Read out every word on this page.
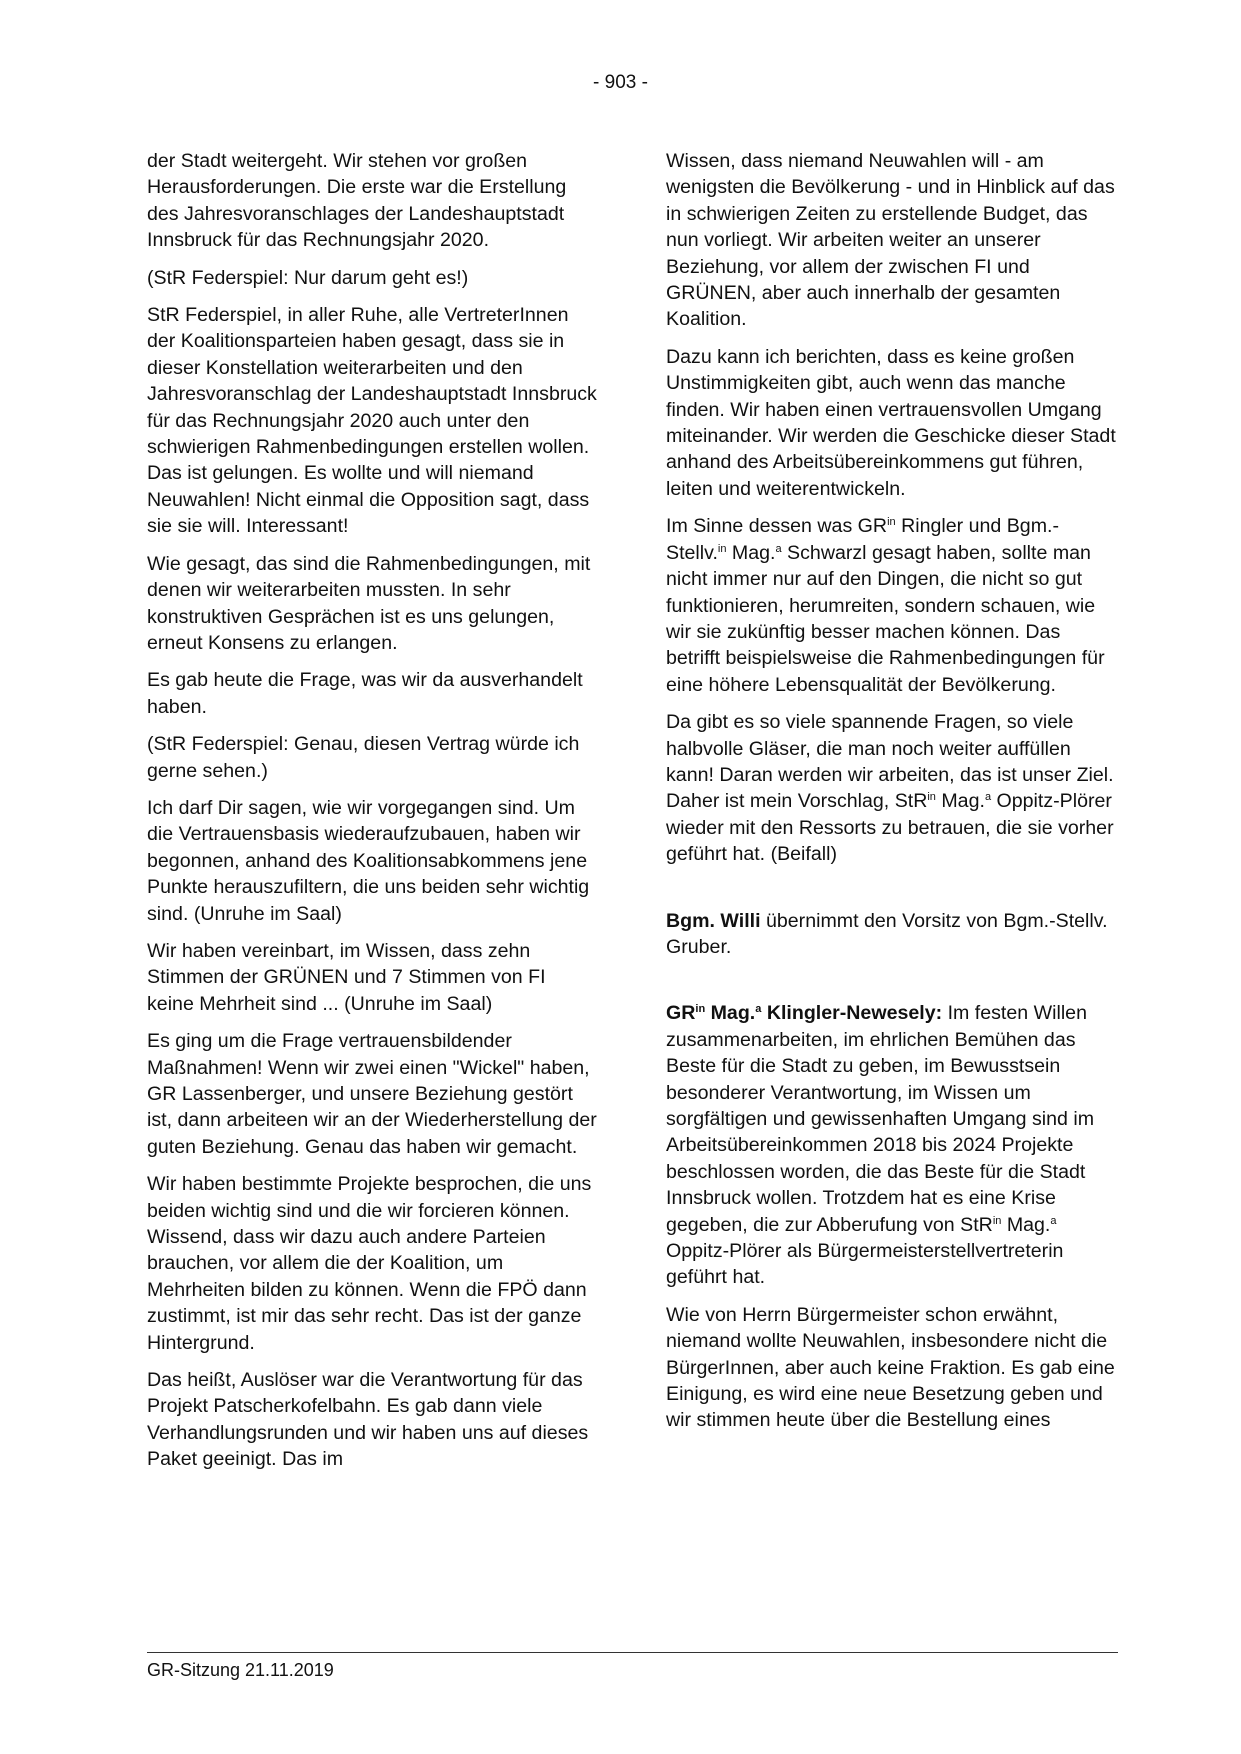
- 903 -

der Stadt weitergeht. Wir stehen vor großen Herausforderungen. Die erste war die Erstellung des Jahresvoranschlages der Landeshauptstadt Innsbruck für das Rechnungsjahr 2020.

(StR Federspiel: Nur darum geht es!)

StR Federspiel, in aller Ruhe, alle VertreterInnen der Koalitionsparteien haben gesagt, dass sie in dieser Konstellation weiterarbeiten und den Jahresvoranschlag der Landeshauptstadt Innsbruck für das Rechnungsjahr 2020 auch unter den schwierigen Rahmenbedingungen erstellen wollen. Das ist gelungen. Es wollte und will niemand Neuwahlen! Nicht einmal die Opposition sagt, dass sie sie will. Interessant!

Wie gesagt, das sind die Rahmenbedingungen, mit denen wir weiterarbeiten mussten. In sehr konstruktiven Gesprächen ist es uns gelungen, erneut Konsens zu erlangen.

Es gab heute die Frage, was wir da ausverhandelt haben.

(StR Federspiel: Genau, diesen Vertrag würde ich gerne sehen.)

Ich darf Dir sagen, wie wir vorgegangen sind. Um die Vertrauensbasis wiederaufzubauen, haben wir begonnen, anhand des Koalitionsabkommens jene Punkte herauszufiltern, die uns beiden sehr wichtig sind. (Unruhe im Saal)

Wir haben vereinbart, im Wissen, dass zehn Stimmen der GRÜNEN und 7 Stimmen von FI keine Mehrheit sind ... (Unruhe im Saal)

Es ging um die Frage vertrauensbildender Maßnahmen! Wenn wir zwei einen "Wickel" haben, GR Lassenberger, und unsere Beziehung gestört ist, dann arbeiteen wir an der Wiederherstellung der guten Beziehung. Genau das haben wir gemacht.

Wir haben bestimmte Projekte besprochen, die uns beiden wichtig sind und die wir forcieren können. Wissend, dass wir dazu auch andere Parteien brauchen, vor allem die der Koalition, um Mehrheiten bilden zu können. Wenn die FPÖ dann zustimmt, ist mir das sehr recht. Das ist der ganze Hintergrund.

Das heißt, Auslöser war die Verantwortung für das Projekt Patscherkofelbahn. Es gab dann viele Verhandlungsrunden und wir haben uns auf dieses Paket geeinigt. Das im

Wissen, dass niemand Neuwahlen will - am wenigsten die Bevölkerung - und in Hinblick auf das in schwierigen Zeiten zu erstellende Budget, das nun vorliegt. Wir arbeiten weiter an unserer Beziehung, vor allem der zwischen FI und GRÜNEN, aber auch innerhalb der gesamten Koalition.

Dazu kann ich berichten, dass es keine großen Unstimmigkeiten gibt, auch wenn das manche finden. Wir haben einen vertrauensvollen Umgang miteinander. Wir werden die Geschicke dieser Stadt anhand des Arbeitsübereinkommens gut führen, leiten und weiterentwickeln.

Im Sinne dessen was $GR^{in}$ Ringler und Bgm.-Stellv.$^{in}$ Mag.$^a$ Schwarzl gesagt haben, sollte man nicht immer nur auf den Dingen, die nicht so gut funktionieren, herumreiten, sondern schauen, wie wir sie zukünftig besser machen können. Das betrifft beispielsweise die Rahmenbedingungen für eine höhere Lebensqualität der Bevölkerung.

Da gibt es so viele spannende Fragen, so viele halbvolle Gläser, die man noch weiter auffüllen kann! Daran werden wir arbeiten, das ist unser Ziel. Daher ist mein Vorschlag, StR$^{in}$ Mag.$^a$ Oppitz-Plörer wieder mit den Ressorts zu betrauen, die sie vorher geführt hat. (Beifall)

Bgm. Willi übernimmt den Vorsitz von Bgm.-Stellv. Gruber.

$GR^{in}$ Mag.$^a$ Klingler-Newesely: Im festen Willen zusammenarbeiten, im ehrlichen Bemühen das Beste für die Stadt zu geben, im Bewusstsein besonderer Verantwortung, im Wissen um sorgfältigen und gewissenhaften Umgang sind im Arbeitsübereinkommen 2018 bis 2024 Projekte beschlossen worden, die das Beste für die Stadt Innsbruck wollen. Trotzdem hat es eine Krise gegeben, die zur Abberufung von StR$^{in}$ Mag.$^a$ Oppitz-Plörer als Bürgermeisterstellvertreterin geführt hat.

Wie von Herrn Bürgermeister schon erwähnt, niemand wollte Neuwahlen, insbesondere nicht die BürgerInnen, aber auch keine Fraktion. Es gab eine Einigung, es wird eine neue Besetzung geben und wir stimmen heute über die Bestellung eines

GR-Sitzung 21.11.2019
